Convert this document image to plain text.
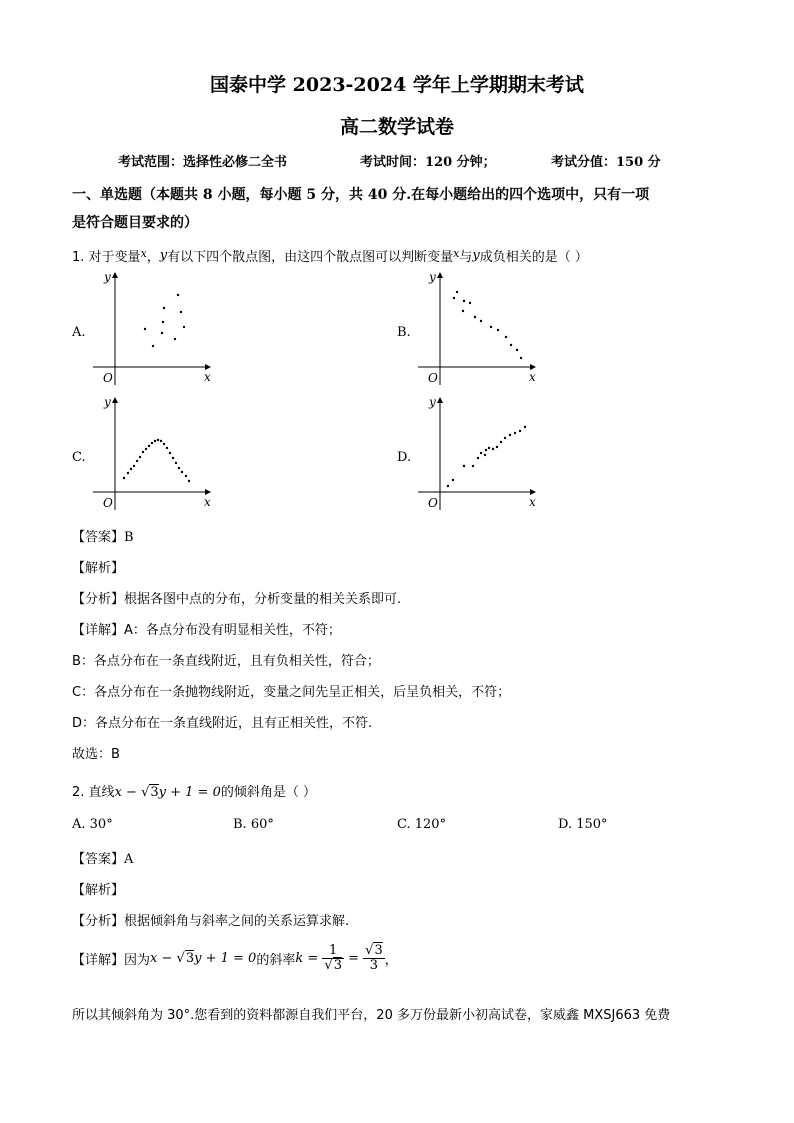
国泰中学 2023-2024 学年上学期期末考试
高二数学试卷
考试范围：选择性必修二全书	考试时间：120 分钟；	考试分值：150 分
一、单选题（本题共 8 小题，每小题 5 分，共 40 分.在每小题给出的四个选项中，只有一项
是符合题目要求的）
1. 对于变量$^x$，y有以下四个散点图，由这四个散点图可以判断变量$^x$与y成负相关的是（ ）
A.	B.
C.	D.
y
x
O
y
x
O
y
x
O
y
x
O
【答案】B
【解析】
【分析】根据各图中点的分布，分析变量的相关关系即可.
【详解】A：各点分布没有明显相关性，不符；
B：各点分布在一条直线附近，且有负相关性，符合；
C：各点分布在一条抛物线附近，变量之间先呈正相关，后呈负相关，不符；
D：各点分布在一条直线附近，且有正相关性，不符.
故选：B
2. 直线x − √3y + 1 = 0的倾斜角是（ ）
A. 30°	B. 60°	C. 120°	D. 150°
【答案】A
【解析】
【分析】根据倾斜角与斜率之间的关系运算求解.
【详解】因为x − √3y + 1 = 0的斜率$k = \frac{1}{√3} = \frac{√3}{3}$ ，
所以其倾斜角为 30°.您看到的资料都源自我们平台，20 多万份最新小初高试卷，家威鑫 MXSJ663 免费
